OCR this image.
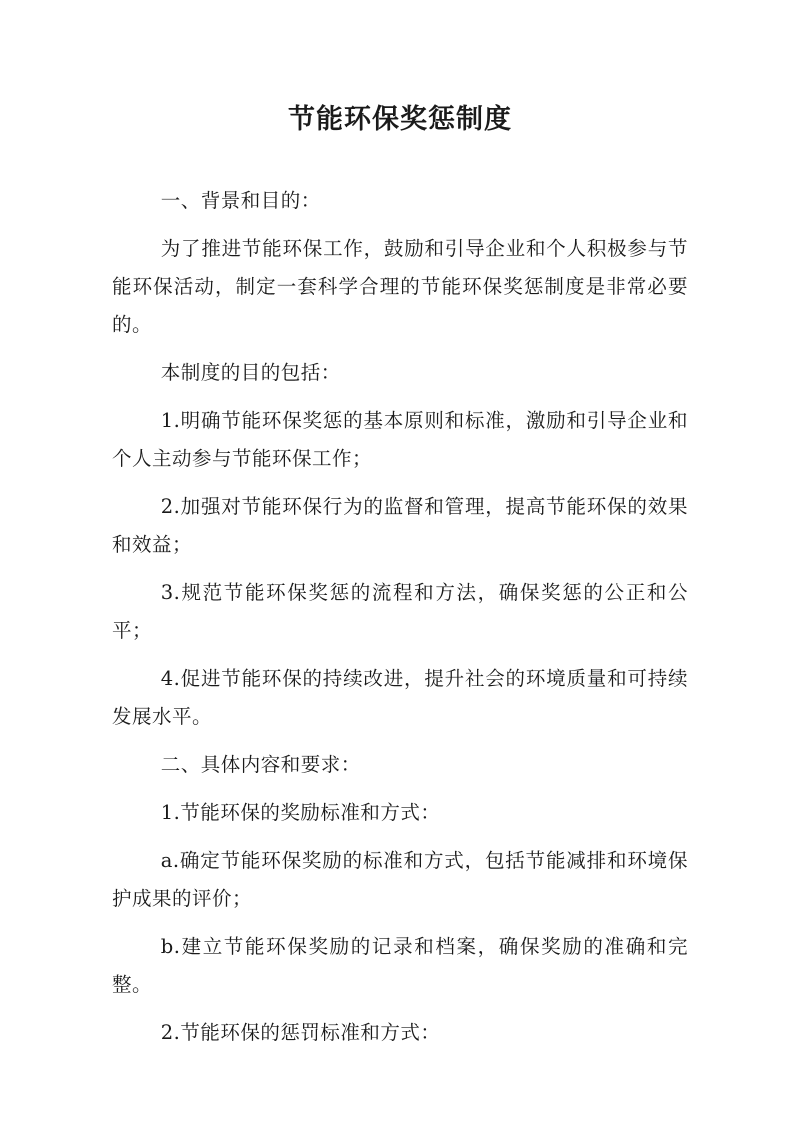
节能环保奖惩制度

一、背景和目的：

为了推进节能环保工作，鼓励和引导企业和个人积极参与节能环保活动，制定一套科学合理的节能环保奖惩制度是非常必要的。

本制度的目的包括：

1.明确节能环保奖惩的基本原则和标准，激励和引导企业和个人主动参与节能环保工作；

2.加强对节能环保行为的监督和管理，提高节能环保的效果和效益；

3.规范节能环保奖惩的流程和方法，确保奖惩的公正和公平；

4.促进节能环保的持续改进，提升社会的环境质量和可持续发展水平。

二、具体内容和要求：

1.节能环保的奖励标准和方式：

a.确定节能环保奖励的标准和方式，包括节能减排和环境保护成果的评价；

b.建立节能环保奖励的记录和档案，确保奖励的准确和完整。

2.节能环保的惩罚标准和方式：
